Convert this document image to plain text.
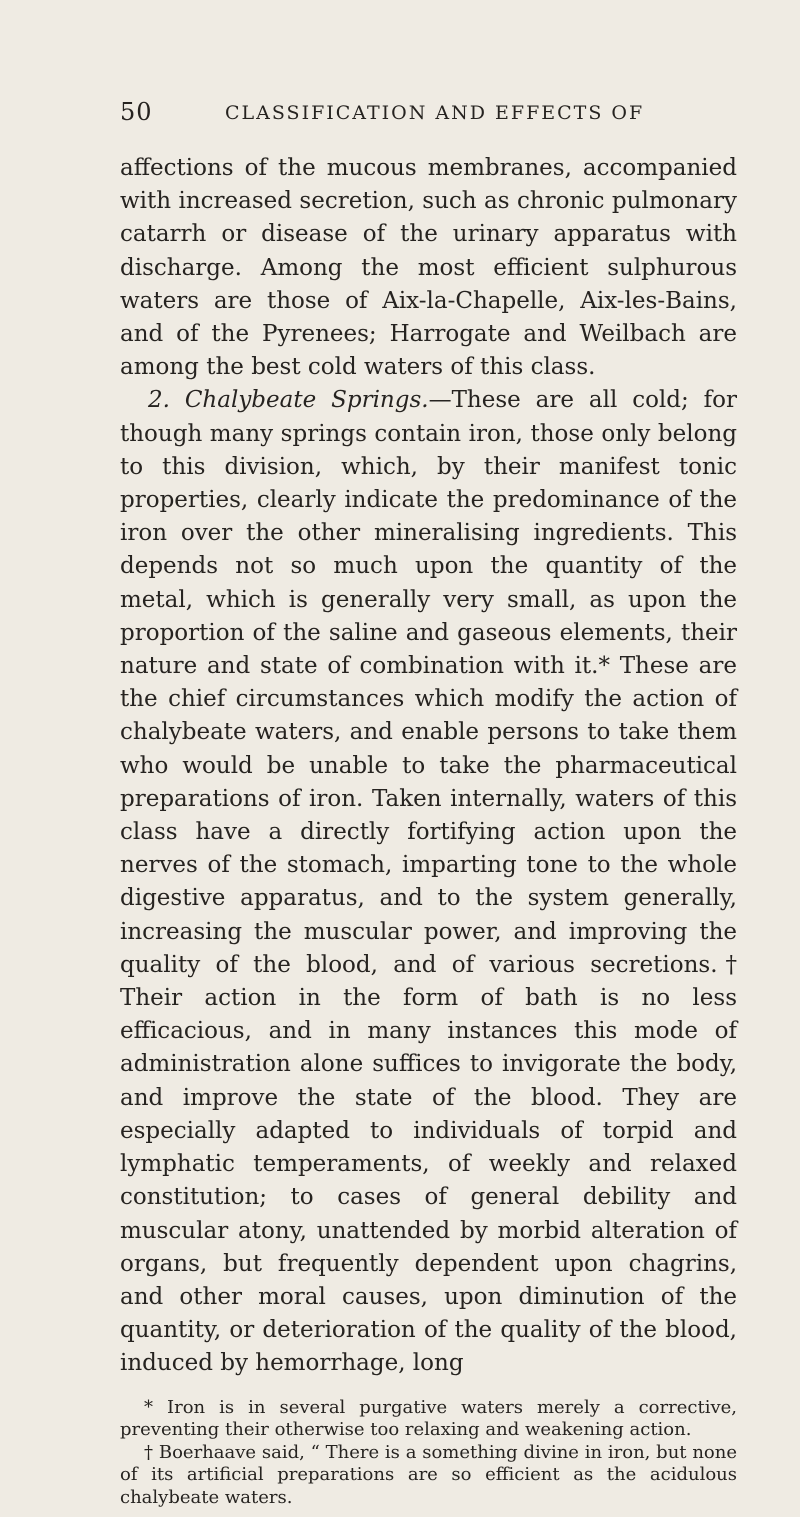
50	CLASSIFICATION AND EFFECTS OF

affections of the mucous membranes, accompanied with increased secretion, such as chronic pulmonary catarrh or disease of the urinary apparatus with discharge. Among the most efficient sulphurous waters are those of Aix-la-Chapelle, Aix-les-Bains, and of the Pyrenees; Harrogate and Weilbach are among the best cold waters of this class.

2. Chalybeate Springs.—These are all cold; for though many springs contain iron, those only belong to this division, which, by their manifest tonic properties, clearly indicate the predominance of the iron over the other mineralising ingredients. This depends not so much upon the quantity of the metal, which is generally very small, as upon the proportion of the saline and gaseous elements, their nature and state of combination with it.* These are the chief circumstances which modify the action of chalybeate waters, and enable persons to take them who would be unable to take the pharmaceutical preparations of iron. Taken internally, waters of this class have a directly fortifying action upon the nerves of the stomach, imparting tone to the whole digestive apparatus, and to the system generally, increasing the muscular power, and improving the quality of the blood, and of various secretions.† Their action in the form of bath is no less efficacious, and in many instances this mode of administration alone suffices to invigorate the body, and improve the state of the blood. They are especially adapted to individuals of torpid and lymphatic temperaments, of weekly and relaxed constitution; to cases of general debility and muscular atony, unattended by morbid alteration of organs, but frequently dependent upon chagrins, and other moral causes, upon diminution of the quantity, or deterioration of the quality of the blood, induced by hemorrhage, long

* Iron is in several purgative waters merely a corrective, preventing their otherwise too relaxing and weakening action.

† Boerhaave said, “ There is a something divine in iron, but none of its artificial preparations are so efficient as the acidulous chalybeate waters.
